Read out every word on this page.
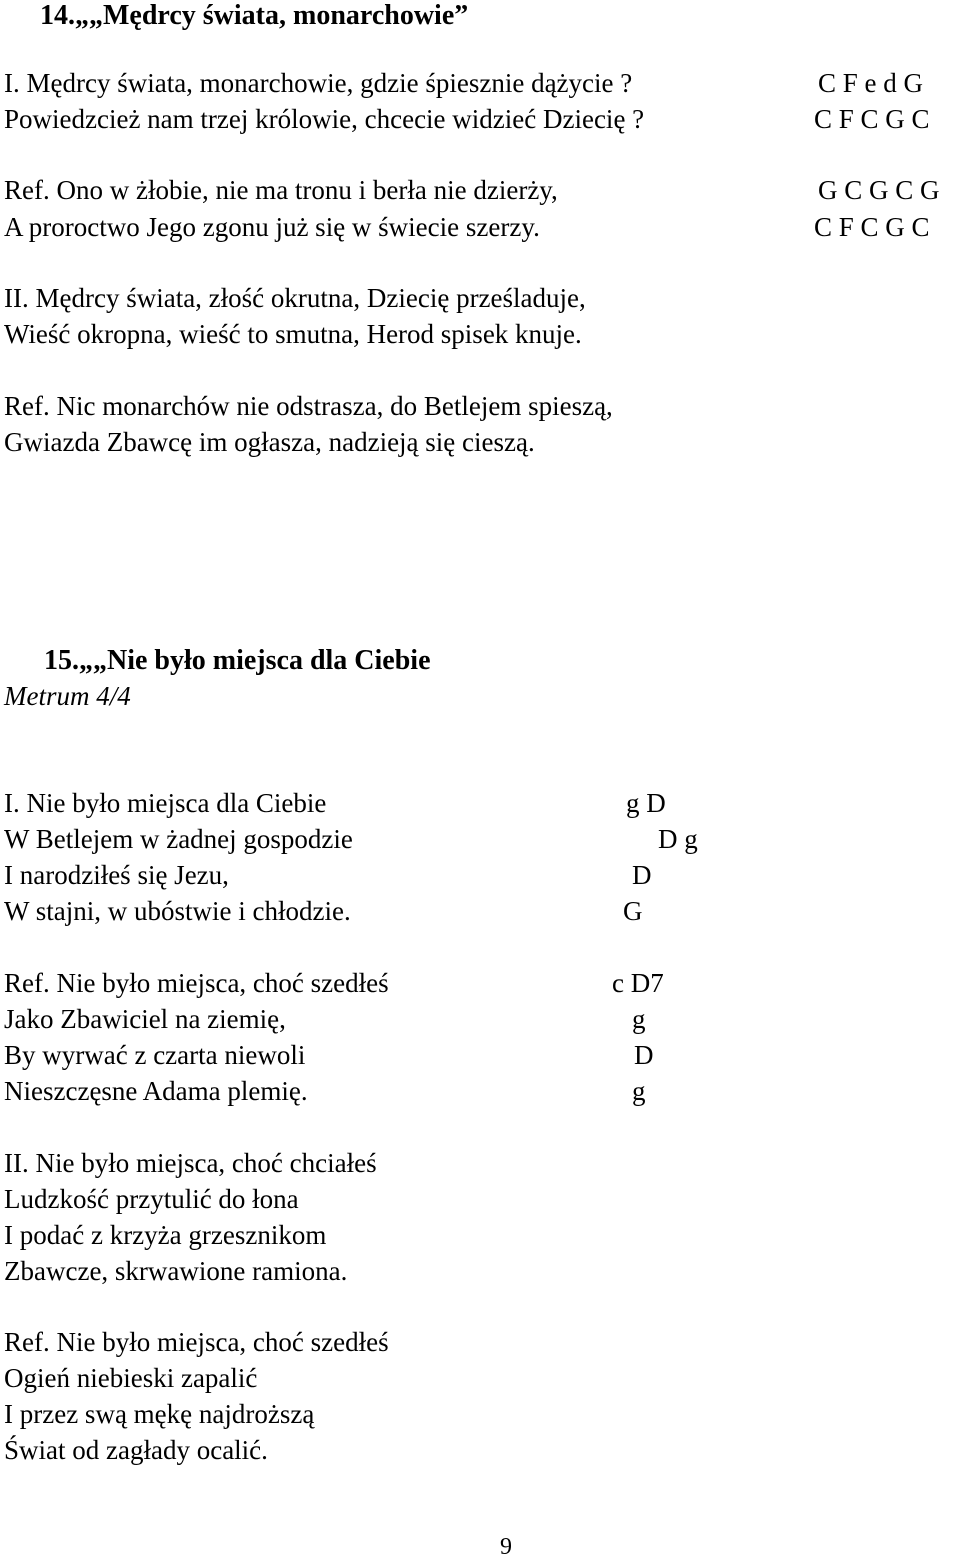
14.„„Mędrcy świata, monarchowie”
I. Mędrcy świata, monarchowie, gdzie śpiesznie dążycie ?
Powiedzcież nam trzej królowie, chcecie widzieć Dziecię ?
C F e d G
C F C G C
Ref. Ono w żłobie, nie ma tronu i berła nie dzierży,
A proroctwo Jego zgonu już się w świecie szerzy.
G C G C G
C F C G C
II. Mędrcy świata, złość okrutna, Dziecię prześladuje,
Wieść okropna, wieść to smutna, Herod spisek knuje.
Ref. Nic monarchów nie odstrasza, do Betlejem spieszą,
Gwiazda Zbawcę im ogłasza, nadzieją się cieszą.
15.„„Nie było miejsca dla Ciebie
Metrum 4/4
I. Nie było miejsca dla Ciebie
W Betlejem w żadnej gospodzie
I narodziłeś się Jezu,
W stajni, w ubóstwie i chłodzie.
g D
D g
D
G
Ref. Nie było miejsca, choć szedłeś
Jako Zbawiciel na ziemię,
By wyrwać z czarta niewoli
Nieszczęsne Adama plemię.
c D7
g
D
g
II. Nie było miejsca, choć chciałeś
Ludzkość przytulić do łona
I podać z krzyża grzesznikom
Zbawcze, skrwawione ramiona.
Ref. Nie było miejsca, choć szedłeś
Ogień niebieski zapalić
I przez swą mękę najdroższą
Świat od zagłady ocalić.
9
